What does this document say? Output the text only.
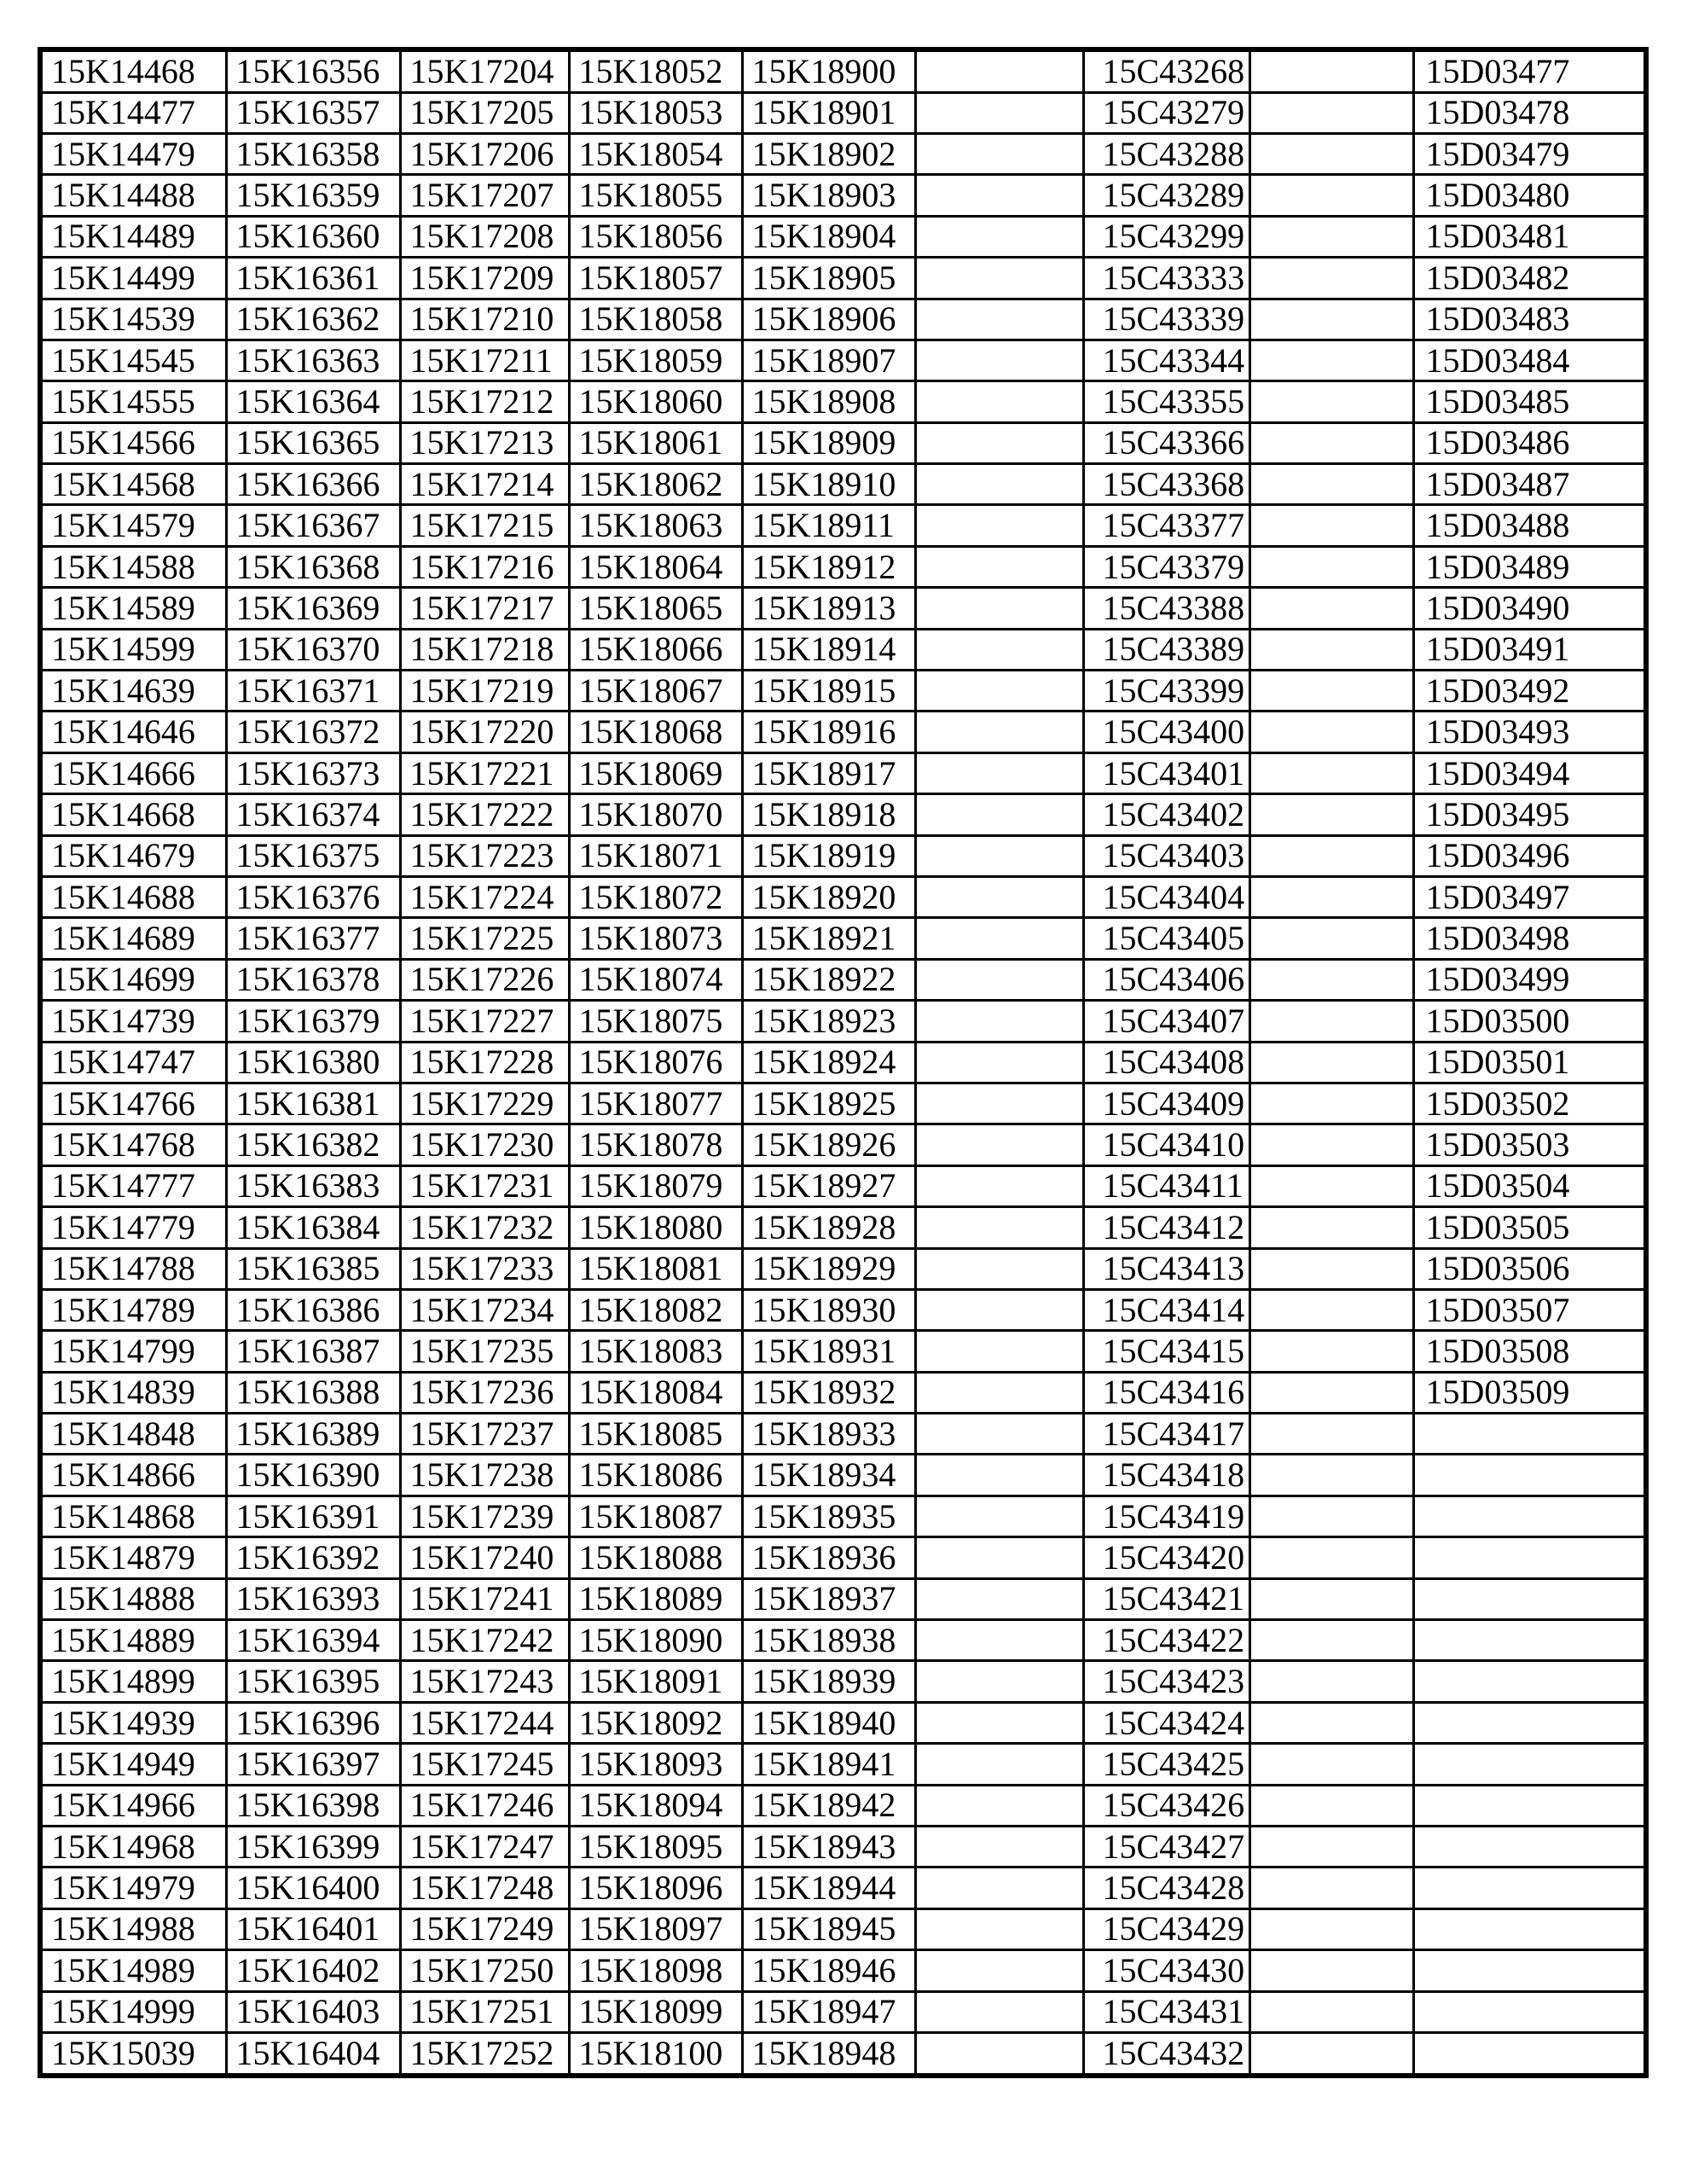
15K14468	15K16356	15K17204	15K18052	15K18900		15C43268		15D03477
15K14477	15K16357	15K17205	15K18053	15K18901		15C43279		15D03478
15K14479	15K16358	15K17206	15K18054	15K18902		15C43288		15D03479
15K14488	15K16359	15K17207	15K18055	15K18903		15C43289		15D03480
15K14489	15K16360	15K17208	15K18056	15K18904		15C43299		15D03481
15K14499	15K16361	15K17209	15K18057	15K18905		15C43333		15D03482
15K14539	15K16362	15K17210	15K18058	15K18906		15C43339		15D03483
15K14545	15K16363	15K17211	15K18059	15K18907		15C43344		15D03484
15K14555	15K16364	15K17212	15K18060	15K18908		15C43355		15D03485
15K14566	15K16365	15K17213	15K18061	15K18909		15C43366		15D03486
15K14568	15K16366	15K17214	15K18062	15K18910		15C43368		15D03487
15K14579	15K16367	15K17215	15K18063	15K18911		15C43377		15D03488
15K14588	15K16368	15K17216	15K18064	15K18912		15C43379		15D03489
15K14589	15K16369	15K17217	15K18065	15K18913		15C43388		15D03490
15K14599	15K16370	15K17218	15K18066	15K18914		15C43389		15D03491
15K14639	15K16371	15K17219	15K18067	15K18915		15C43399		15D03492
15K14646	15K16372	15K17220	15K18068	15K18916		15C43400		15D03493
15K14666	15K16373	15K17221	15K18069	15K18917		15C43401		15D03494
15K14668	15K16374	15K17222	15K18070	15K18918		15C43402		15D03495
15K14679	15K16375	15K17223	15K18071	15K18919		15C43403		15D03496
15K14688	15K16376	15K17224	15K18072	15K18920		15C43404		15D03497
15K14689	15K16377	15K17225	15K18073	15K18921		15C43405		15D03498
15K14699	15K16378	15K17226	15K18074	15K18922		15C43406		15D03499
15K14739	15K16379	15K17227	15K18075	15K18923		15C43407		15D03500
15K14747	15K16380	15K17228	15K18076	15K18924		15C43408		15D03501
15K14766	15K16381	15K17229	15K18077	15K18925		15C43409		15D03502
15K14768	15K16382	15K17230	15K18078	15K18926		15C43410		15D03503
15K14777	15K16383	15K17231	15K18079	15K18927		15C43411		15D03504
15K14779	15K16384	15K17232	15K18080	15K18928		15C43412		15D03505
15K14788	15K16385	15K17233	15K18081	15K18929		15C43413		15D03506
15K14789	15K16386	15K17234	15K18082	15K18930		15C43414		15D03507
15K14799	15K16387	15K17235	15K18083	15K18931		15C43415		15D03508
15K14839	15K16388	15K17236	15K18084	15K18932		15C43416		15D03509
15K14848	15K16389	15K17237	15K18085	15K18933		15C43417		
15K14866	15K16390	15K17238	15K18086	15K18934		15C43418		
15K14868	15K16391	15K17239	15K18087	15K18935		15C43419		
15K14879	15K16392	15K17240	15K18088	15K18936		15C43420		
15K14888	15K16393	15K17241	15K18089	15K18937		15C43421		
15K14889	15K16394	15K17242	15K18090	15K18938		15C43422		
15K14899	15K16395	15K17243	15K18091	15K18939		15C43423		
15K14939	15K16396	15K17244	15K18092	15K18940		15C43424		
15K14949	15K16397	15K17245	15K18093	15K18941		15C43425		
15K14966	15K16398	15K17246	15K18094	15K18942		15C43426		
15K14968	15K16399	15K17247	15K18095	15K18943		15C43427		
15K14979	15K16400	15K17248	15K18096	15K18944		15C43428		
15K14988	15K16401	15K17249	15K18097	15K18945		15C43429		
15K14989	15K16402	15K17250	15K18098	15K18946		15C43430		
15K14999	15K16403	15K17251	15K18099	15K18947		15C43431		
15K15039	15K16404	15K17252	15K18100	15K18948		15C43432		
